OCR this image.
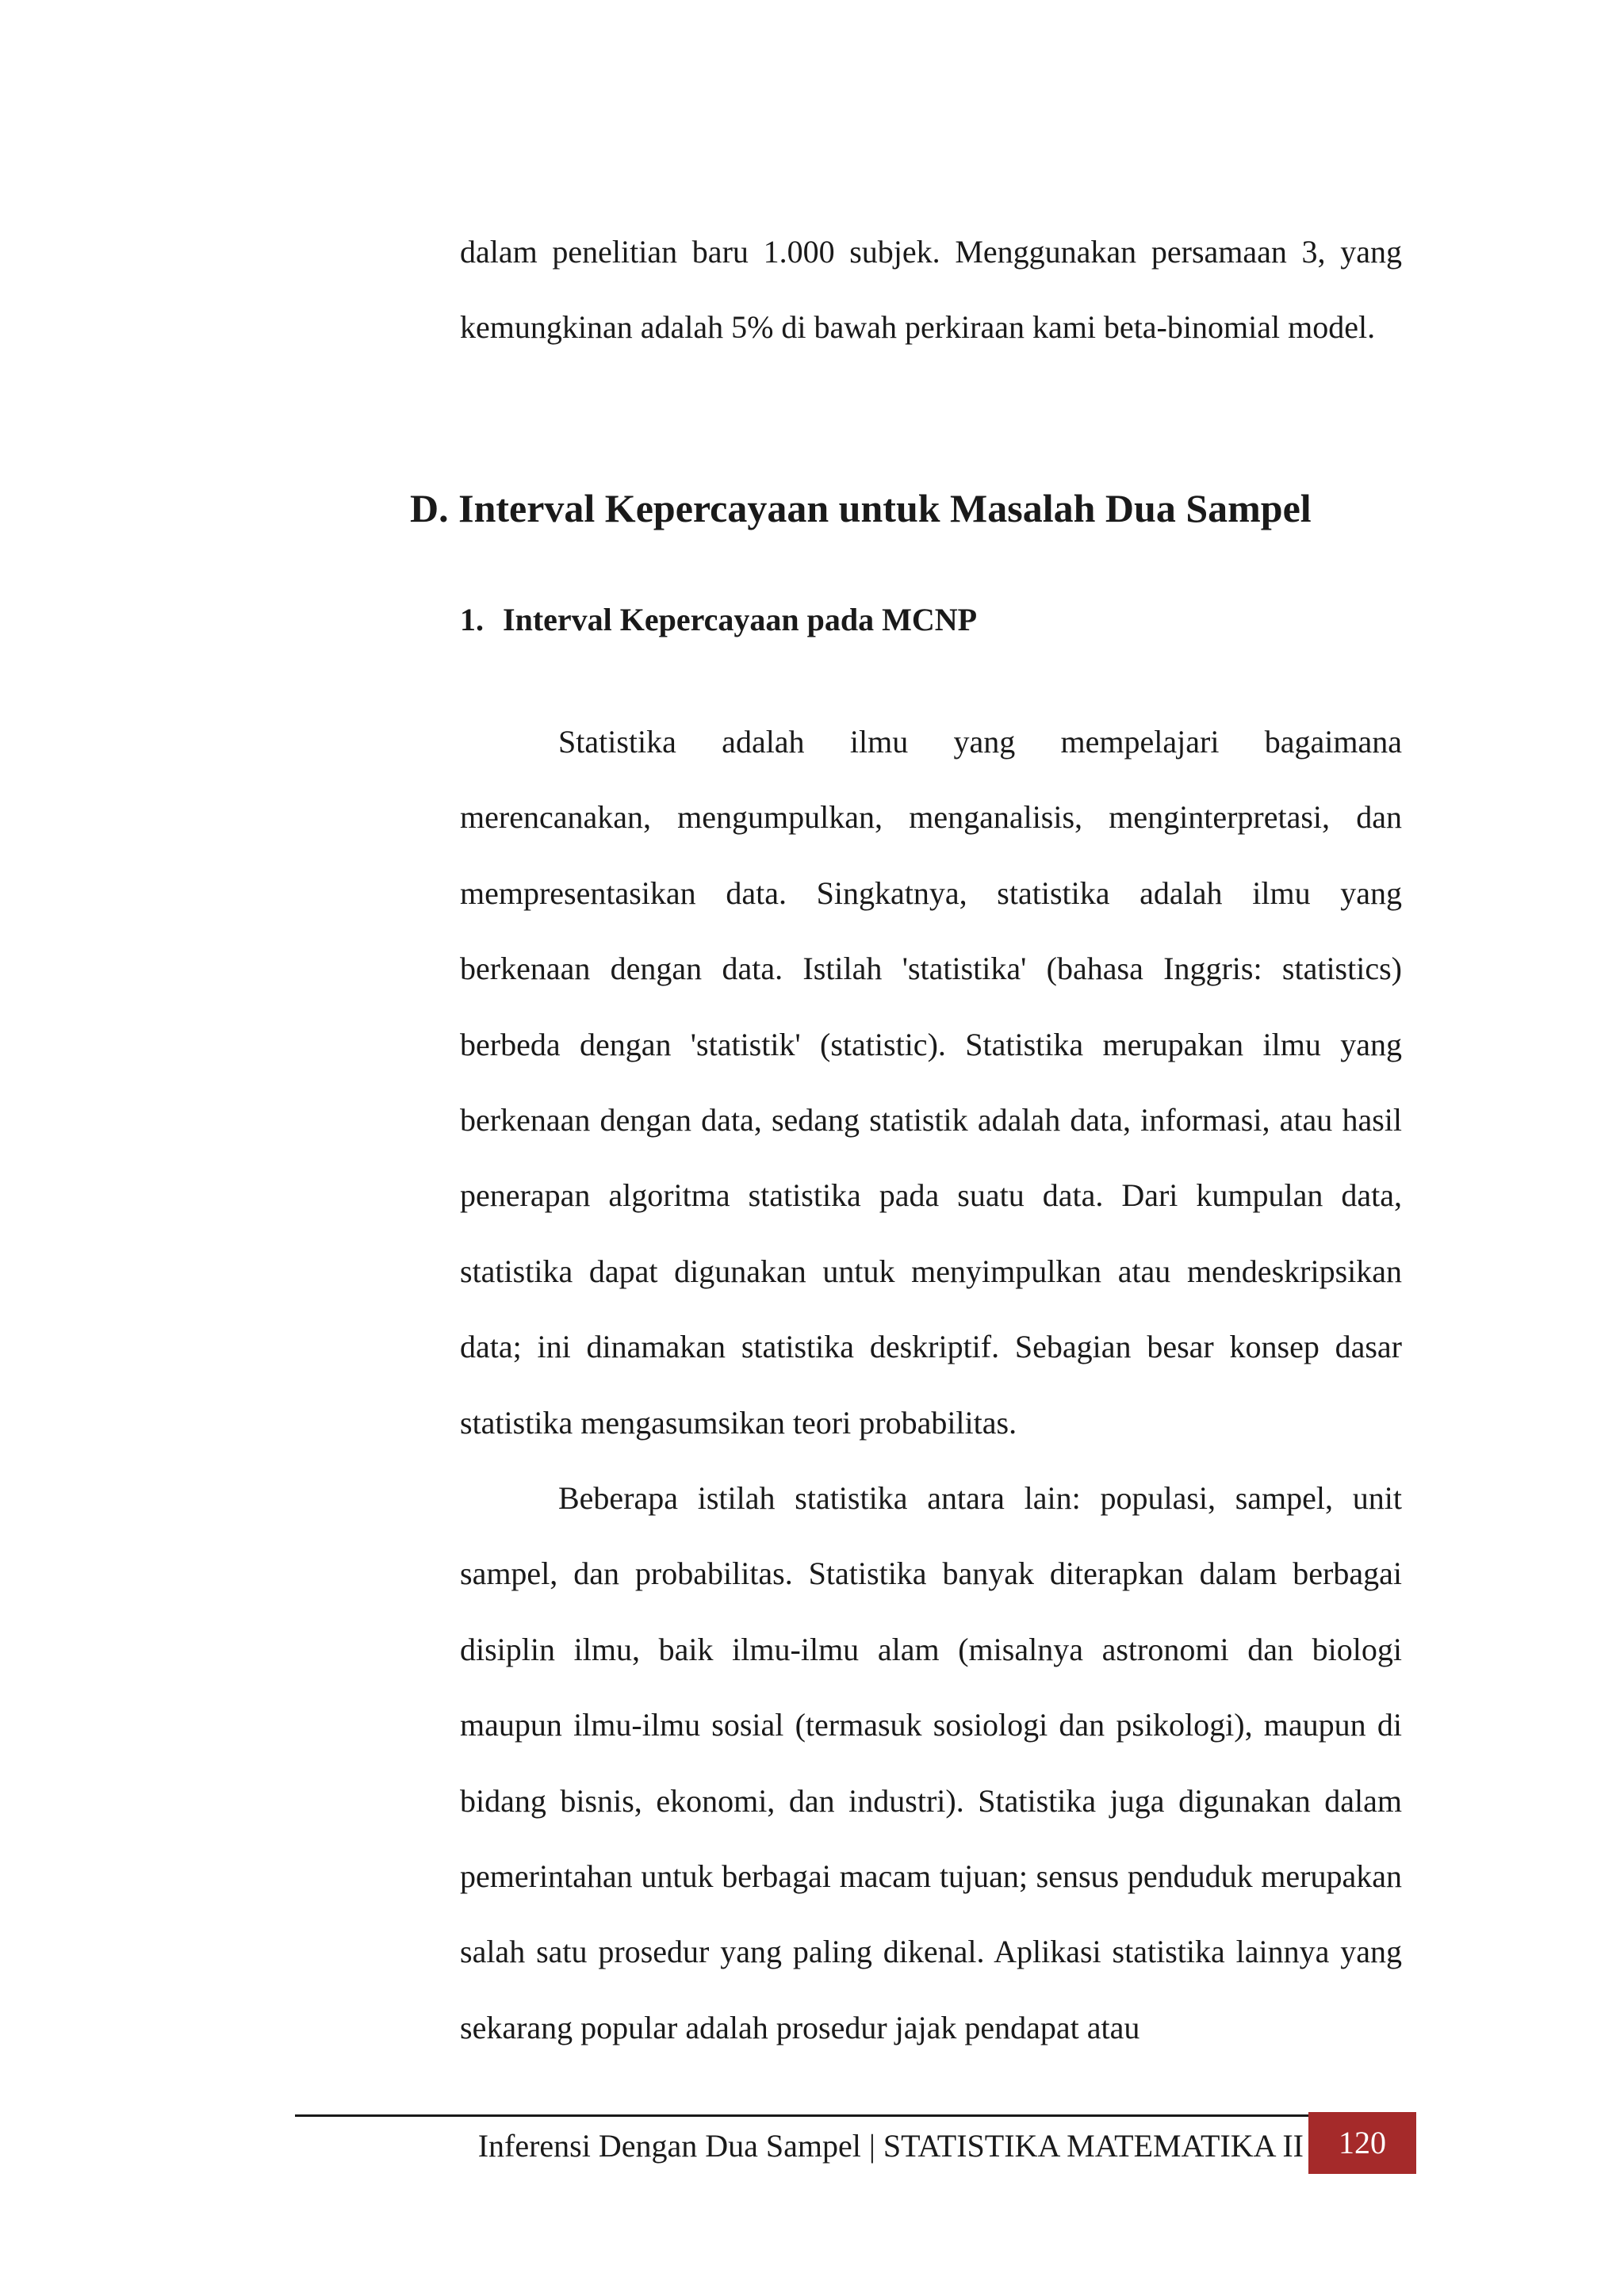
dalam penelitian baru 1.000 subjek. Menggunakan persamaan 3, yang kemungkinan adalah 5% di bawah perkiraan kami beta-binomial model.

D. Interval Kepercayaan untuk Masalah Dua Sampel
1. Interval Kepercayaan pada MCNP

Statistika adalah ilmu yang mempelajari bagaimana merencanakan, mengumpulkan, menganalisis, menginterpretasi, dan mempresentasikan data. Singkatnya, statistika adalah ilmu yang berkenaan dengan data. Istilah 'statistika' (bahasa Inggris: statistics) berbeda dengan 'statistik' (statistic). Statistika merupakan ilmu yang berkenaan dengan data, sedang statistik adalah data, informasi, atau hasil penerapan algoritma statistika pada suatu data. Dari kumpulan data, statistika dapat digunakan untuk menyimpulkan atau mendeskripsikan data; ini dinamakan statistika deskriptif. Sebagian besar konsep dasar statistika mengasumsikan teori probabilitas.

Beberapa istilah statistika antara lain: populasi, sampel, unit sampel, dan probabilitas. Statistika banyak diterapkan dalam berbagai disiplin ilmu, baik ilmu-ilmu alam (misalnya astronomi dan biologi maupun ilmu-ilmu sosial (termasuk sosiologi dan psikologi), maupun di bidang bisnis, ekonomi, dan industri). Statistika juga digunakan dalam pemerintahan untuk berbagai macam tujuan; sensus penduduk merupakan salah satu prosedur yang paling dikenal. Aplikasi statistika lainnya yang sekarang popular adalah prosedur jajak pendapat atau

Inferensi Dengan Dua Sampel | STATISTIKA MATEMATIKA II	120
